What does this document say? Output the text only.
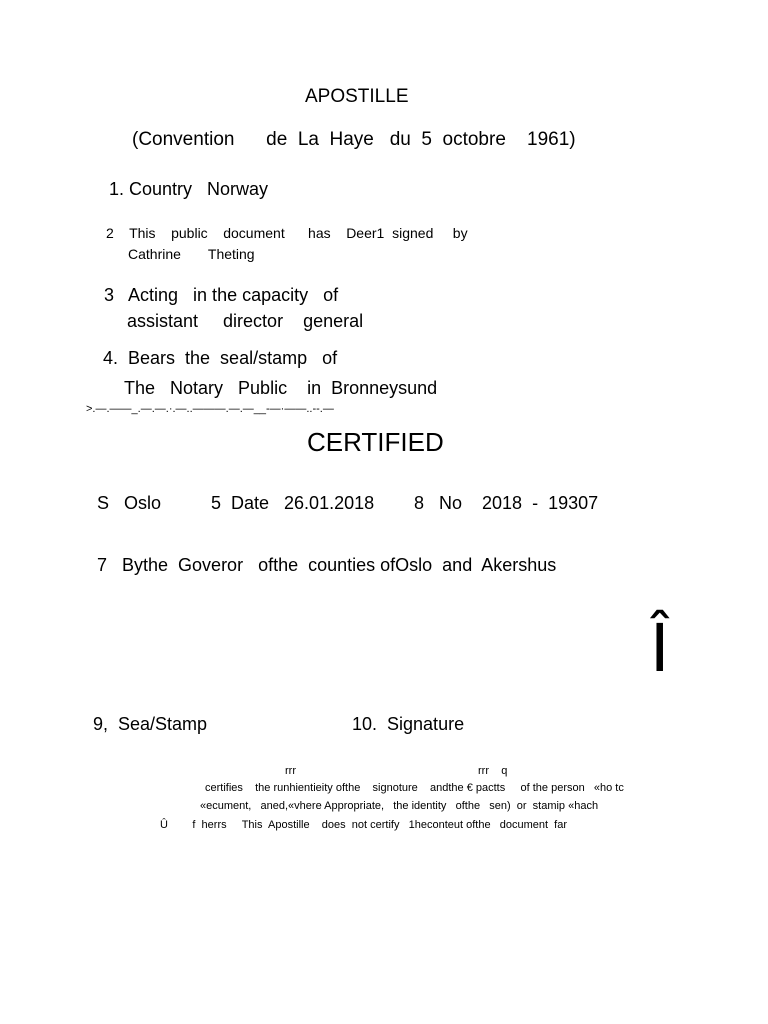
APOSTILLE
(Convention      de  La  Haye   du  5  octobre    1961)
1. Country   Norway
2    This    public    document      has    Deer1  signed     by
Cathrine       Theting
3   Acting   in the capacity   of
assistant     director    general
4.  Bears  the  seal/stamp   of
The   Notary   Public    in  Bronneysund
>.—.——_.—.—.·.—..———.—.—__-—·——..--.—
CERTIFIED
S   Oslo	5  Date   26.01.2018 8   No    2018  -  19307
7   Bythe  Goveror   ofthe  counties ofOslo  and  Akershus
Î
9,  Sea/Stamp	10.  Signature
rrr	rrr    q
certifies    the runhientieity ofthe    signoture    andthe € pactts     of the person   «ho tc
«ecument,   aned,«vhere Appropriate,   the identity   ofthe   sen)  or  stamip «hach
Û        f  herrs     This  Apostille    does  not certify   1heconteut ofthe   document  far
